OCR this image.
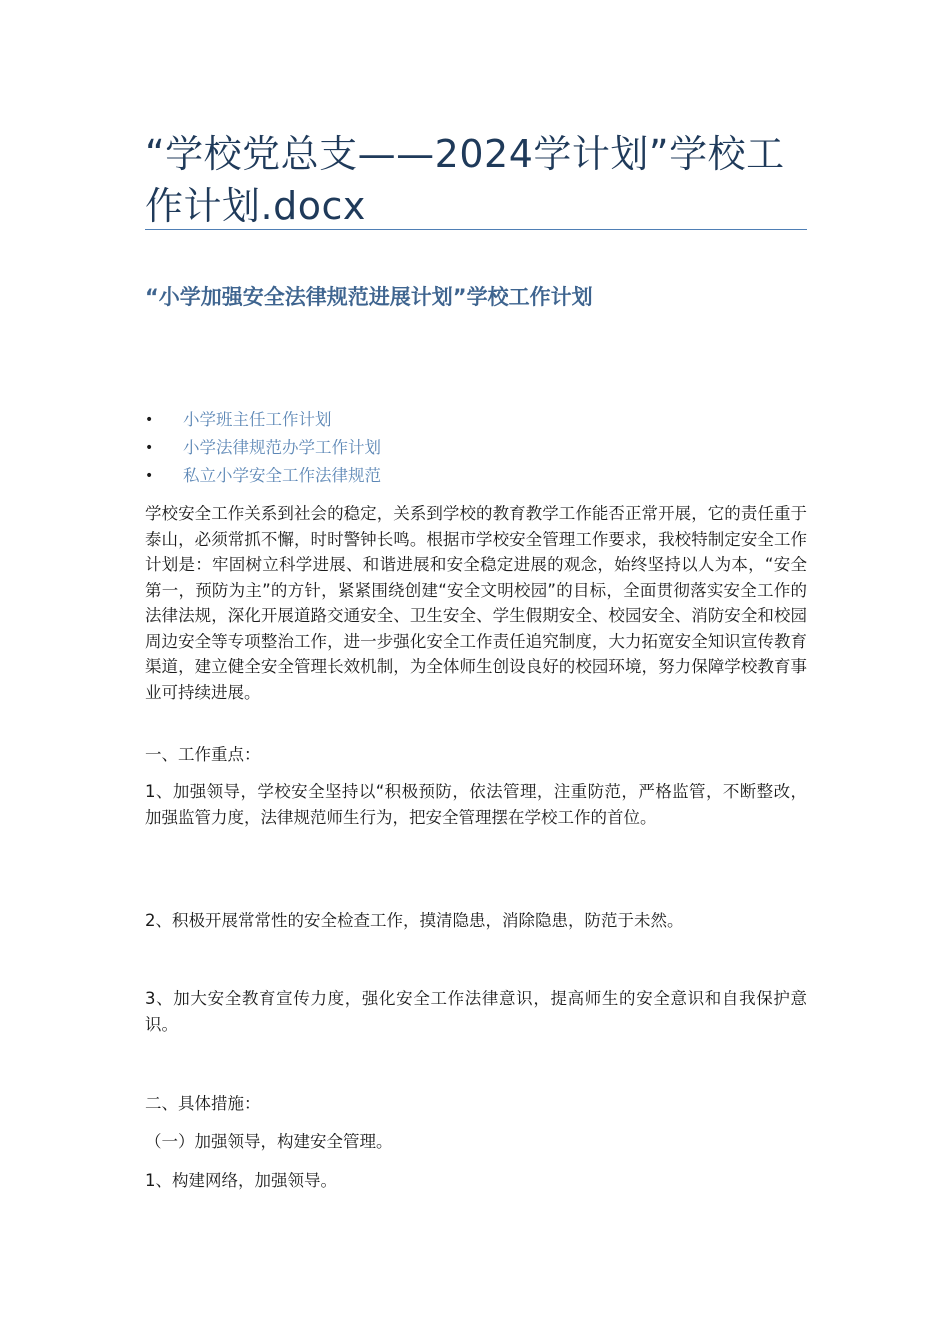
“学校党总支——2024学计划”学校工作计划.docx
“小学加强安全法律规范进展计划”学校工作计划
• 小学班主任工作计划
• 小学法律规范办学工作计划
• 私立小学安全工作法律规范

学校安全工作关系到社会的稳定，关系到学校的教育教学工作能否正常开展，它的责任重于泰山，必须常抓不懈，时时警钟长鸣。根据市学校安全管理工作要求，我校特制定安全工作计划是：牢固树立科学进展、和谐进展和安全稳定进展的观念，始终坚持以人为本，“安全第一，预防为主”的方针，紧紧围绕创建“安全文明校园”的目标，全面贯彻落实安全工作的法律法规，深化开展道路交通安全、卫生安全、学生假期安全、校园安全、消防安全和校园周边安全等专项整治工作，进一步强化安全工作责任追究制度，大力拓宽安全知识宣传教育渠道，建立健全安全管理长效机制，为全体师生创设良好的校园环境，努力保障学校教育事业可持续进展。

一、工作重点：

1、加强领导，学校安全坚持以“积极预防，依法管理，注重防范，严格监管，不断整改，加强监管力度，法律规范师生行为，把安全管理摆在学校工作的首位。

2、积极开展常常性的安全检查工作，摸清隐患，消除隐患，防范于未然。

3、加大安全教育宣传力度，强化安全工作法律意识，提高师生的安全意识和自我保护意识。

二、具体措施：

（一）加强领导，构建安全管理。

1、构建网络，加强领导。
